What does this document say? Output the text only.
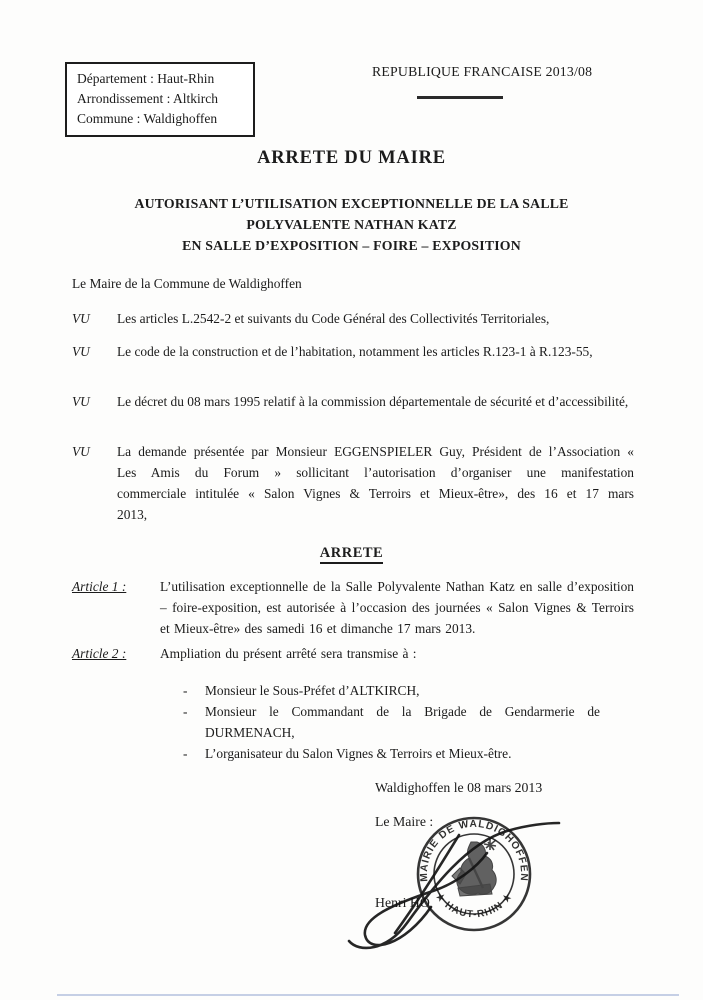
Département : Haut-Rhin
Arrondissement : Altkirch
Commune : Waldighoffen
REPUBLIQUE FRANCAISE 2013/08
ARRETE DU MAIRE
AUTORISANT L’UTILISATION EXCEPTIONNELLE DE LA SALLE
POLYVALENTE NATHAN KATZ
EN SALLE D’EXPOSITION – FOIRE – EXPOSITION
Le Maire de la Commune de Waldighoffen
VU	Les articles L.2542-2 et suivants du Code Général des Collectivités Territoriales,
VU	Le code de la construction et de l’habitation, notamment les articles R.123-1 à R.123-55,
VU	Le décret du 08 mars 1995 relatif à la commission départementale de sécurité et d’accessibilité,
VU	La demande présentée par Monsieur EGGENSPIELER Guy, Président de l’Association « Les Amis du Forum » sollicitant l’autorisation d’organiser une manifestation commerciale intitulée « Salon Vignes & Terroirs et Mieux-être», des 16 et 17 mars 2013,
ARRETE
Article 1 :	L’utilisation exceptionnelle de la Salle Polyvalente Nathan Katz en salle d’exposition – foire-exposition, est autorisée à l’occasion des journées « Salon Vignes & Terroirs et Mieux-être» des samedi 16 et dimanche 17 mars 2013.
Article 2 :	Ampliation du présent arrêté sera transmise à :
-	Monsieur le Sous-Préfet d’ALTKIRCH,
-	Monsieur le Commandant de la Brigade de Gendarmerie de DURMENACH,
-	L’organisateur du Salon Vignes & Terroirs et Mieux-être.
Waldighoffen le 08 mars 2013
Le Maire :
Henri HO
MAIRIE DE WALDIGHOFFEN
★ HAUT-RHIN ★
